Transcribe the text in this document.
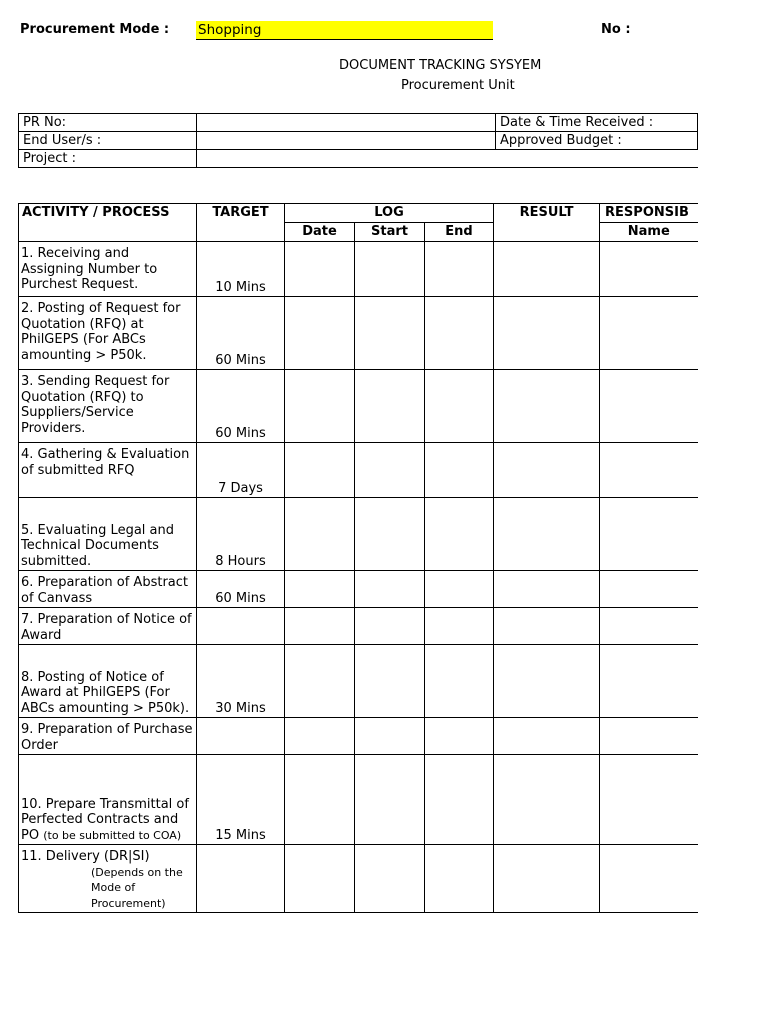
Procurement Mode : Shopping	No :
DOCUMENT TRACKING SYSYEM
Procurement Unit
PR No:		Date & Time Received :
End User/s :		Approved Budget :
Project :		
ACTIVITY / PROCESS	TARGET	LOG			RESULT	RESPONSIB
		Date	Start	End		Name
1. Receiving and Assigning Number to Purchest Request.	10 Mins					
2. Posting of Request for Quotation (RFQ) at PhilGEPS (For ABCs amounting > P50k.	60 Mins					
3. Sending Request for Quotation (RFQ) to Suppliers/Service Providers.	60 Mins					
4. Gathering & Evaluation of submitted RFQ	7 Days					
5. Evaluating Legal and Technical Documents submitted.	8 Hours					
6. Preparation of Abstract of Canvass	60 Mins					
7. Preparation of Notice of Award						
8. Posting of Notice of Award at PhilGEPS (For ABCs amounting > P50k).	30 Mins					
9. Preparation of Purchase Order						
10. Prepare Transmittal of Perfected Contracts and PO (to be submitted to COA)	15 Mins					
11. Delivery (DR|SI)
(Depends on the Mode of Procurement)						
